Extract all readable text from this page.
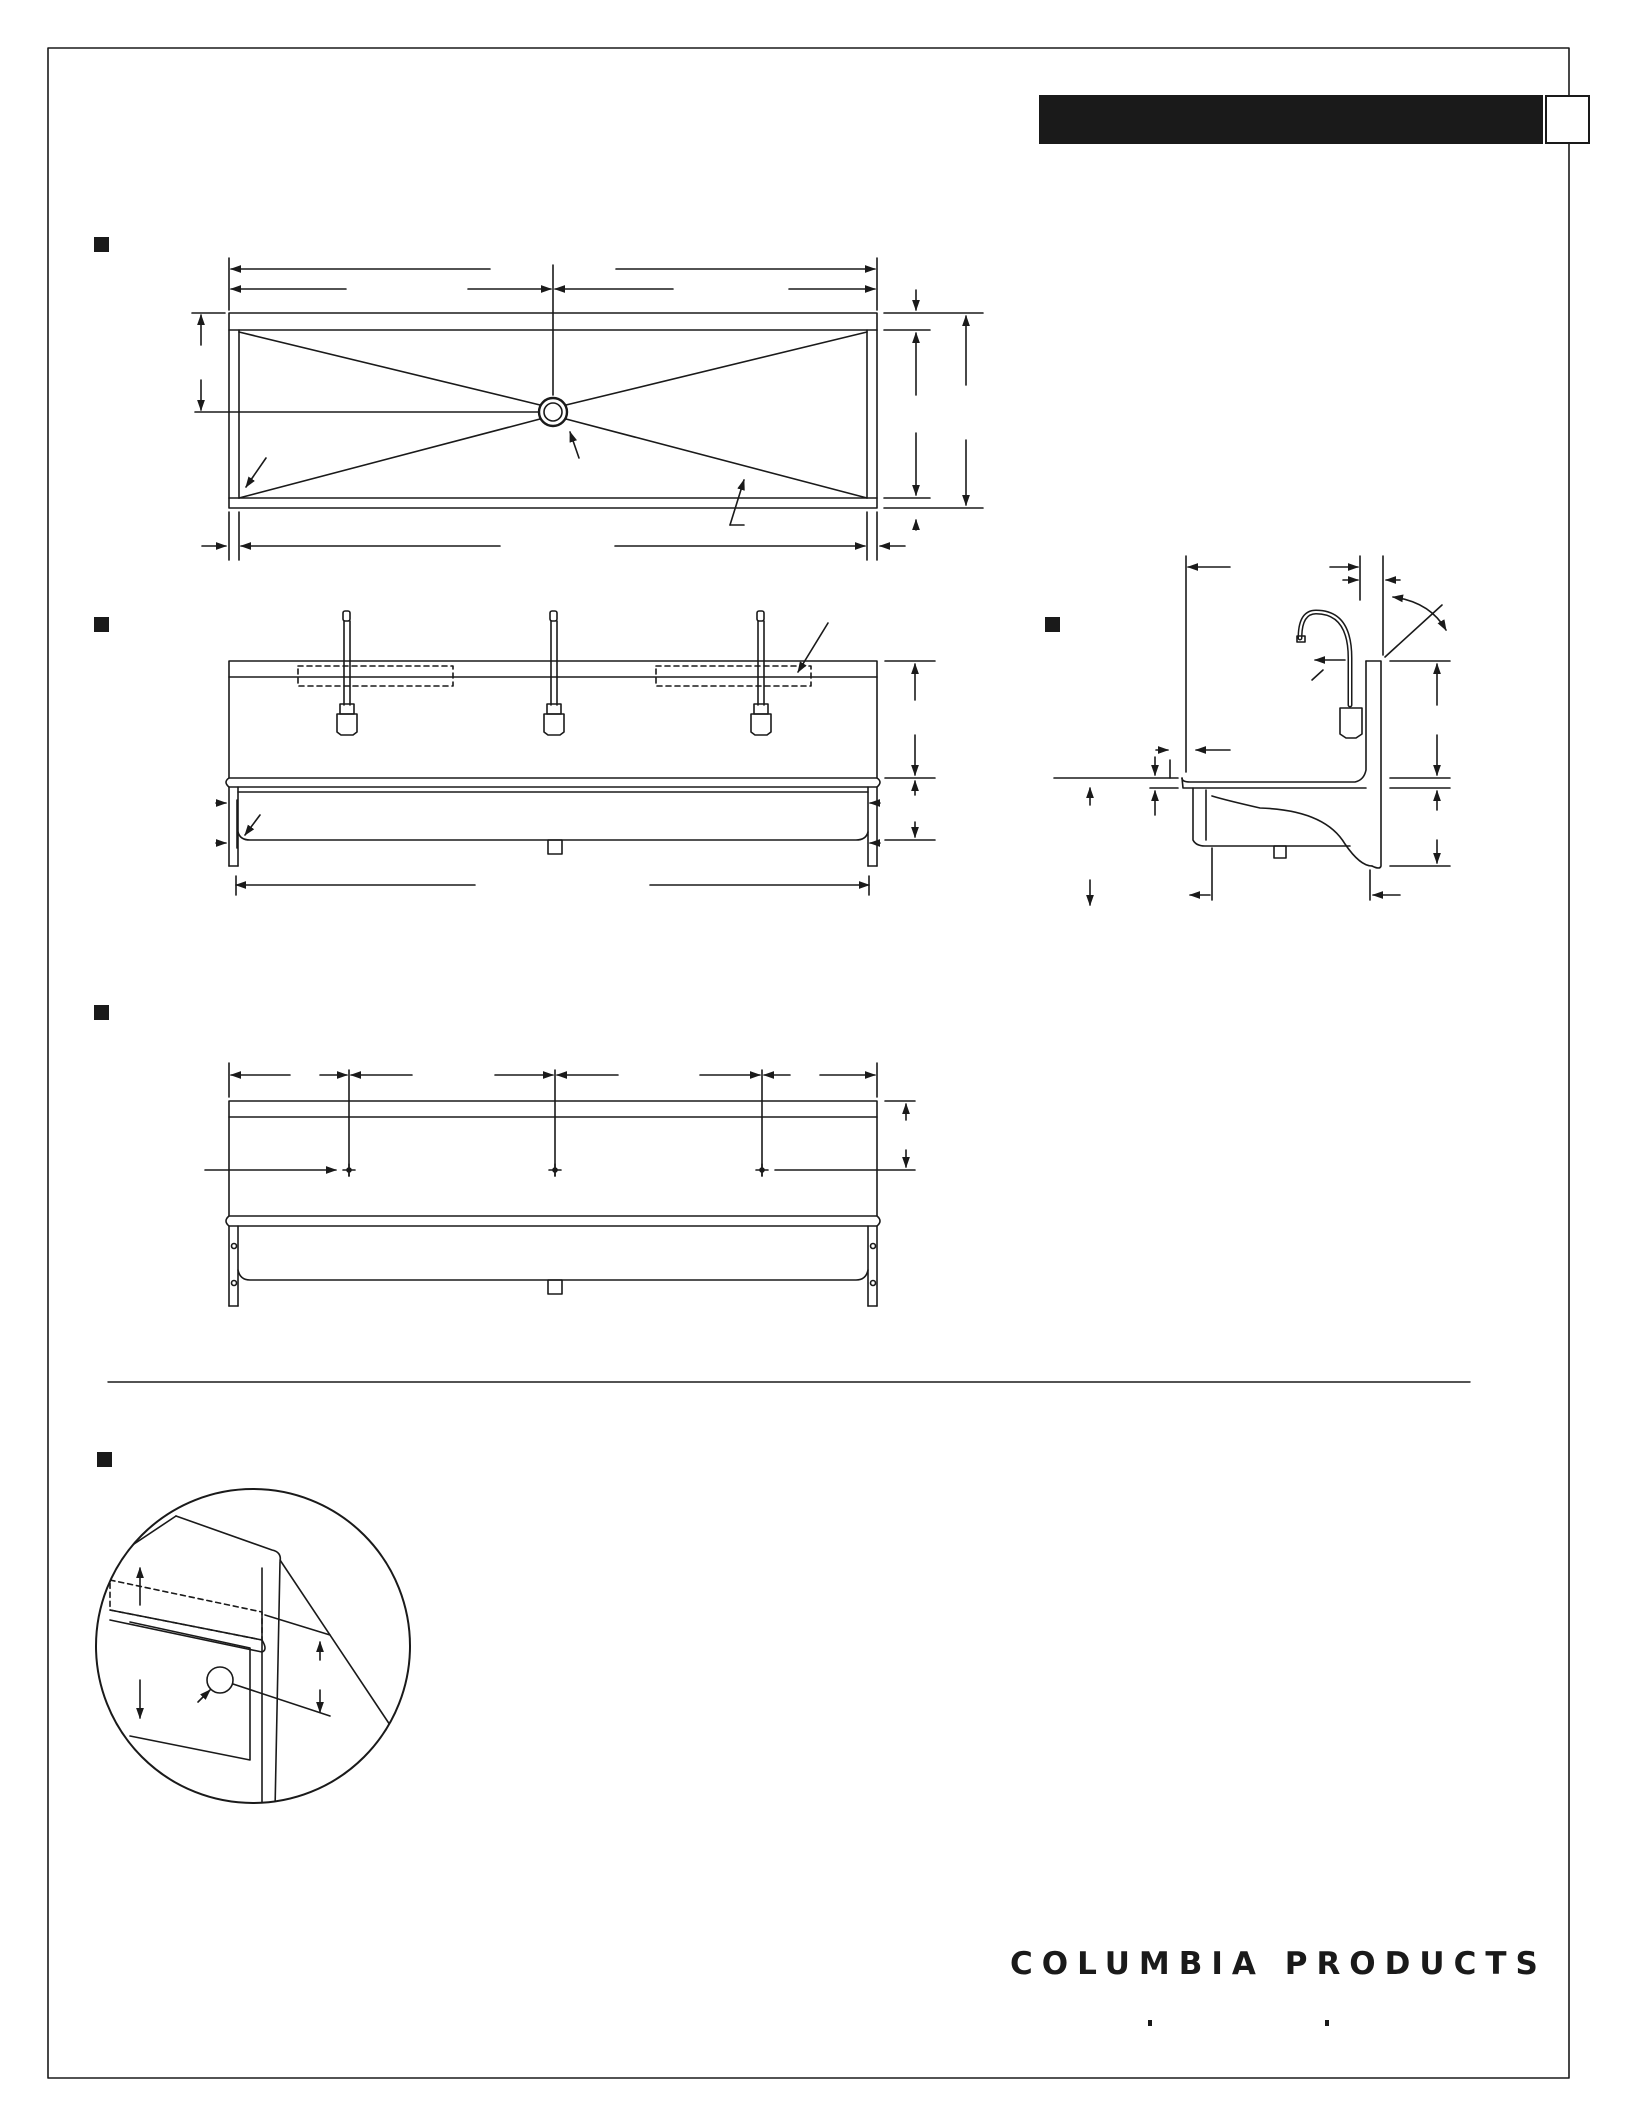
COLUMBIA PRODUCTS
